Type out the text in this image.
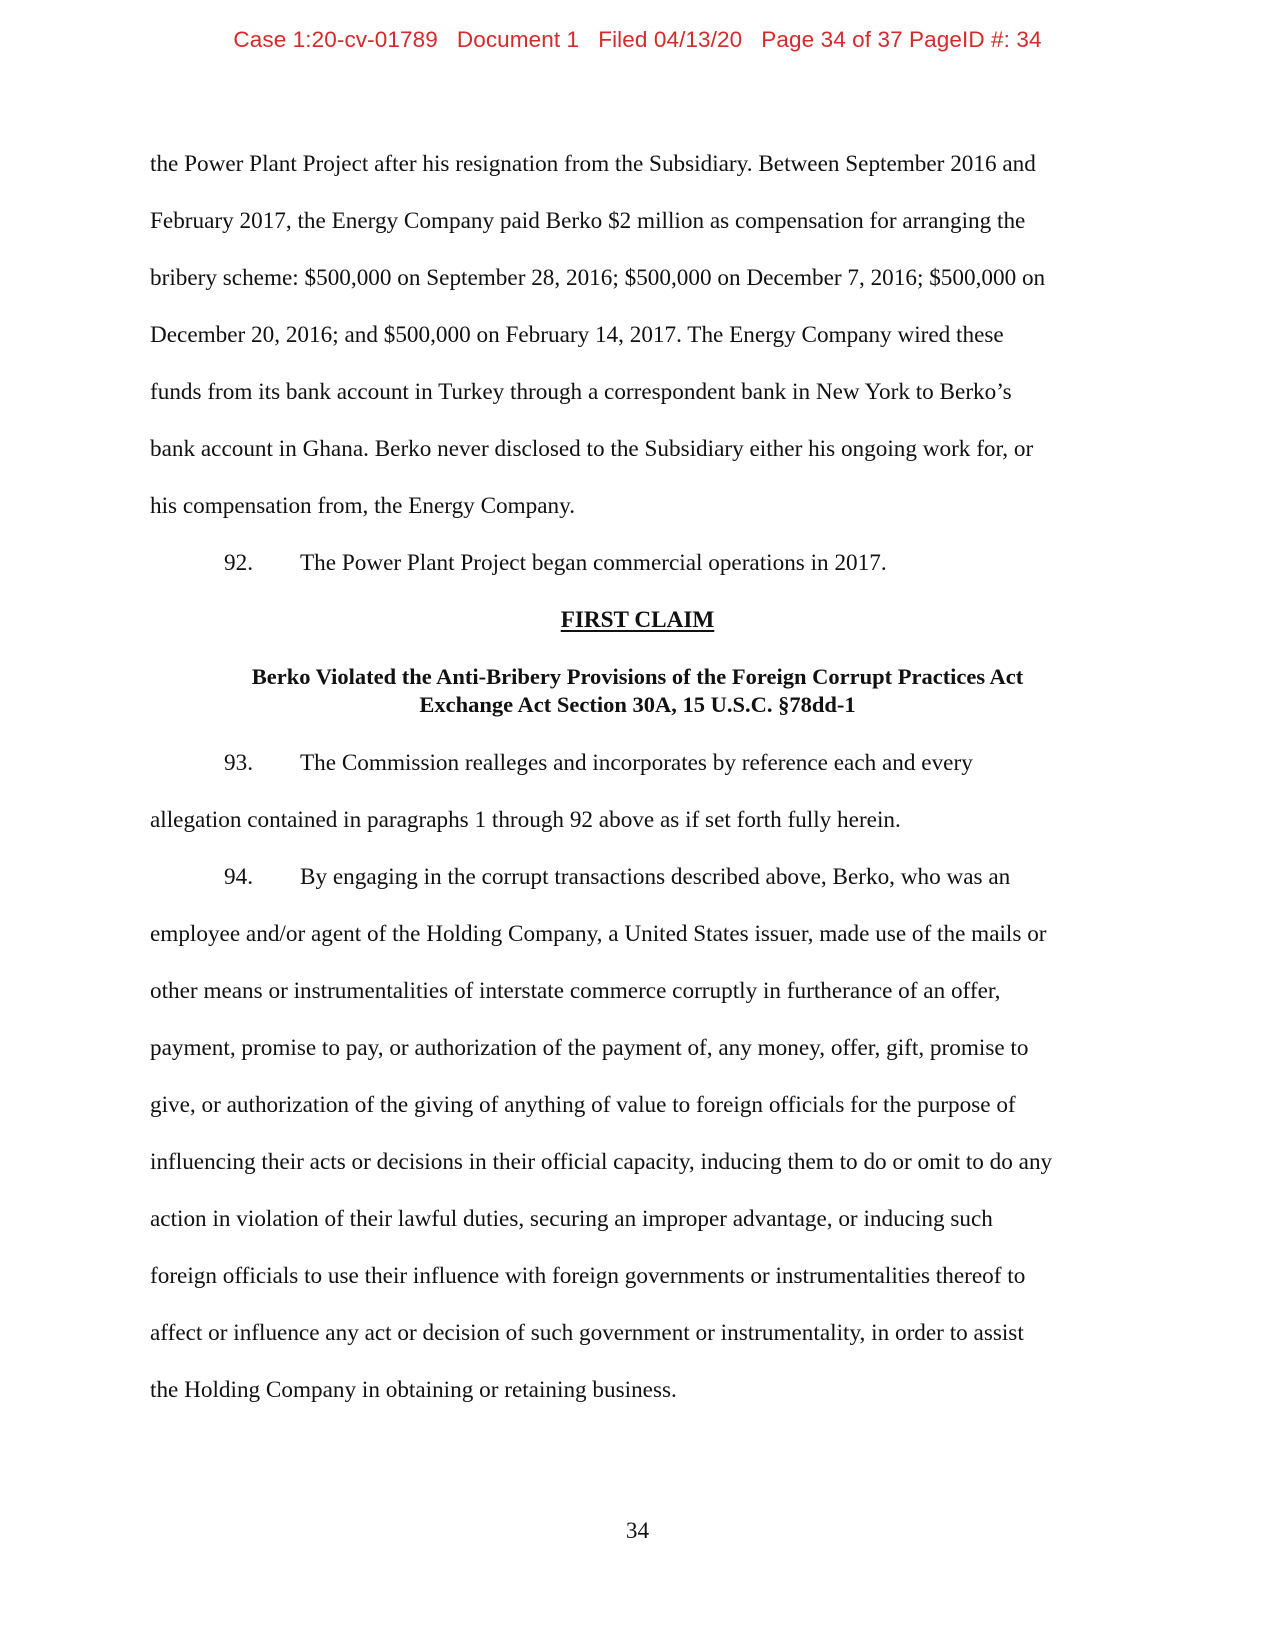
Case 1:20-cv-01789   Document 1   Filed 04/13/20   Page 34 of 37 PageID #: 34
the Power Plant Project after his resignation from the Subsidiary. Between September 2016 and
February 2017, the Energy Company paid Berko $2 million as compensation for arranging the
bribery scheme: $500,000 on September 28, 2016; $500,000 on December 7, 2016; $500,000 on
December 20, 2016; and $500,000 on February 14, 2017. The Energy Company wired these
funds from its bank account in Turkey through a correspondent bank in New York to Berko’s
bank account in Ghana. Berko never disclosed to the Subsidiary either his ongoing work for, or
his compensation from, the Energy Company.
92. The Power Plant Project began commercial operations in 2017.
FIRST CLAIM
Berko Violated the Anti-Bribery Provisions of the Foreign Corrupt Practices Act
Exchange Act Section 30A, 15 U.S.C. §78dd-1
93. The Commission realleges and incorporates by reference each and every
allegation contained in paragraphs 1 through 92 above as if set forth fully herein.
94. By engaging in the corrupt transactions described above, Berko, who was an
employee and/or agent of the Holding Company, a United States issuer, made use of the mails or
other means or instrumentalities of interstate commerce corruptly in furtherance of an offer,
payment, promise to pay, or authorization of the payment of, any money, offer, gift, promise to
give, or authorization of the giving of anything of value to foreign officials for the purpose of
influencing their acts or decisions in their official capacity, inducing them to do or omit to do any
action in violation of their lawful duties, securing an improper advantage, or inducing such
foreign officials to use their influence with foreign governments or instrumentalities thereof to
affect or influence any act or decision of such government or instrumentality, in order to assist
the Holding Company in obtaining or retaining business.
34
